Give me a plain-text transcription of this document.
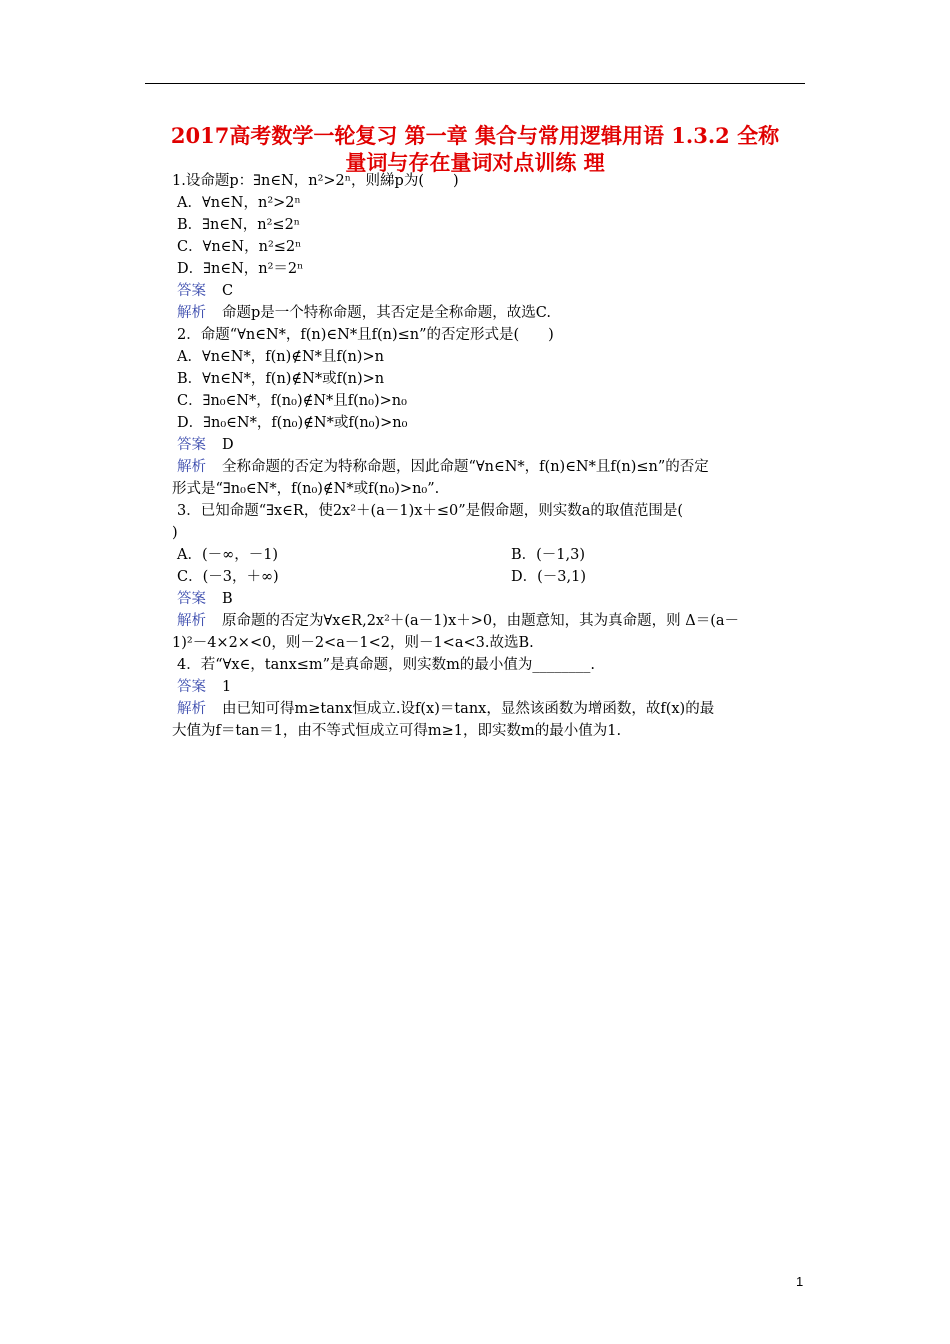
2017高考数学一轮复习 第一章 集合与常用逻辑用语 1.3.2 全称
量词与存在量词对点训练 理
1.设命题p：∃n∈N，n²>2ⁿ，则綈p为(　　)
A．∀n∈N，n²>2ⁿ
B．∃n∈N，n²≤2ⁿ
C．∀n∈N，n²≤2ⁿ
D．∃n∈N，n²＝2ⁿ
答案 C
解析 命题p是一个特称命题，其否定是全称命题，故选C.
2．命题“∀n∈N*，f(n)∈N*且f(n)≤n”的否定形式是(　　)
A．∀n∈N*，f(n)∉N*且f(n)>n
B．∀n∈N*，f(n)∉N*或f(n)>n
C．∃n₀∈N*，f(n₀)∉N*且f(n₀)>n₀
D．∃n₀∈N*，f(n₀)∉N*或f(n₀)>n₀
答案 D
解析 全称命题的否定为特称命题，因此命题“∀n∈N*，f(n)∈N*且f(n)≤n”的否定
形式是“∃n₀∈N*，f(n₀)∉N*或f(n₀)>n₀”.
3．已知命题“∃x∈R，使2x²＋(a－1)x＋≤0”是假命题，则实数a的取值范围是(
)
A．(－∞，－1)	B．(－1,3)
C．(－3，＋∞)	D．(－3,1)
答案 B
解析 原命题的否定为∀x∈R,2x²＋(a－1)x＋>0，由题意知，其为真命题，则 Δ＝(a－
1)²－4×2×<0，则－2<a－1<2，则－1<a<3.故选B.
4．若“∀x∈，tanx≤m”是真命题，则实数m的最小值为________.
答案 1
解析 由已知可得m≥tanx恒成立.设f(x)＝tanx，显然该函数为增函数，故f(x)的最
大值为f＝tan＝1，由不等式恒成立可得m≥1，即实数m的最小值为1.
1
